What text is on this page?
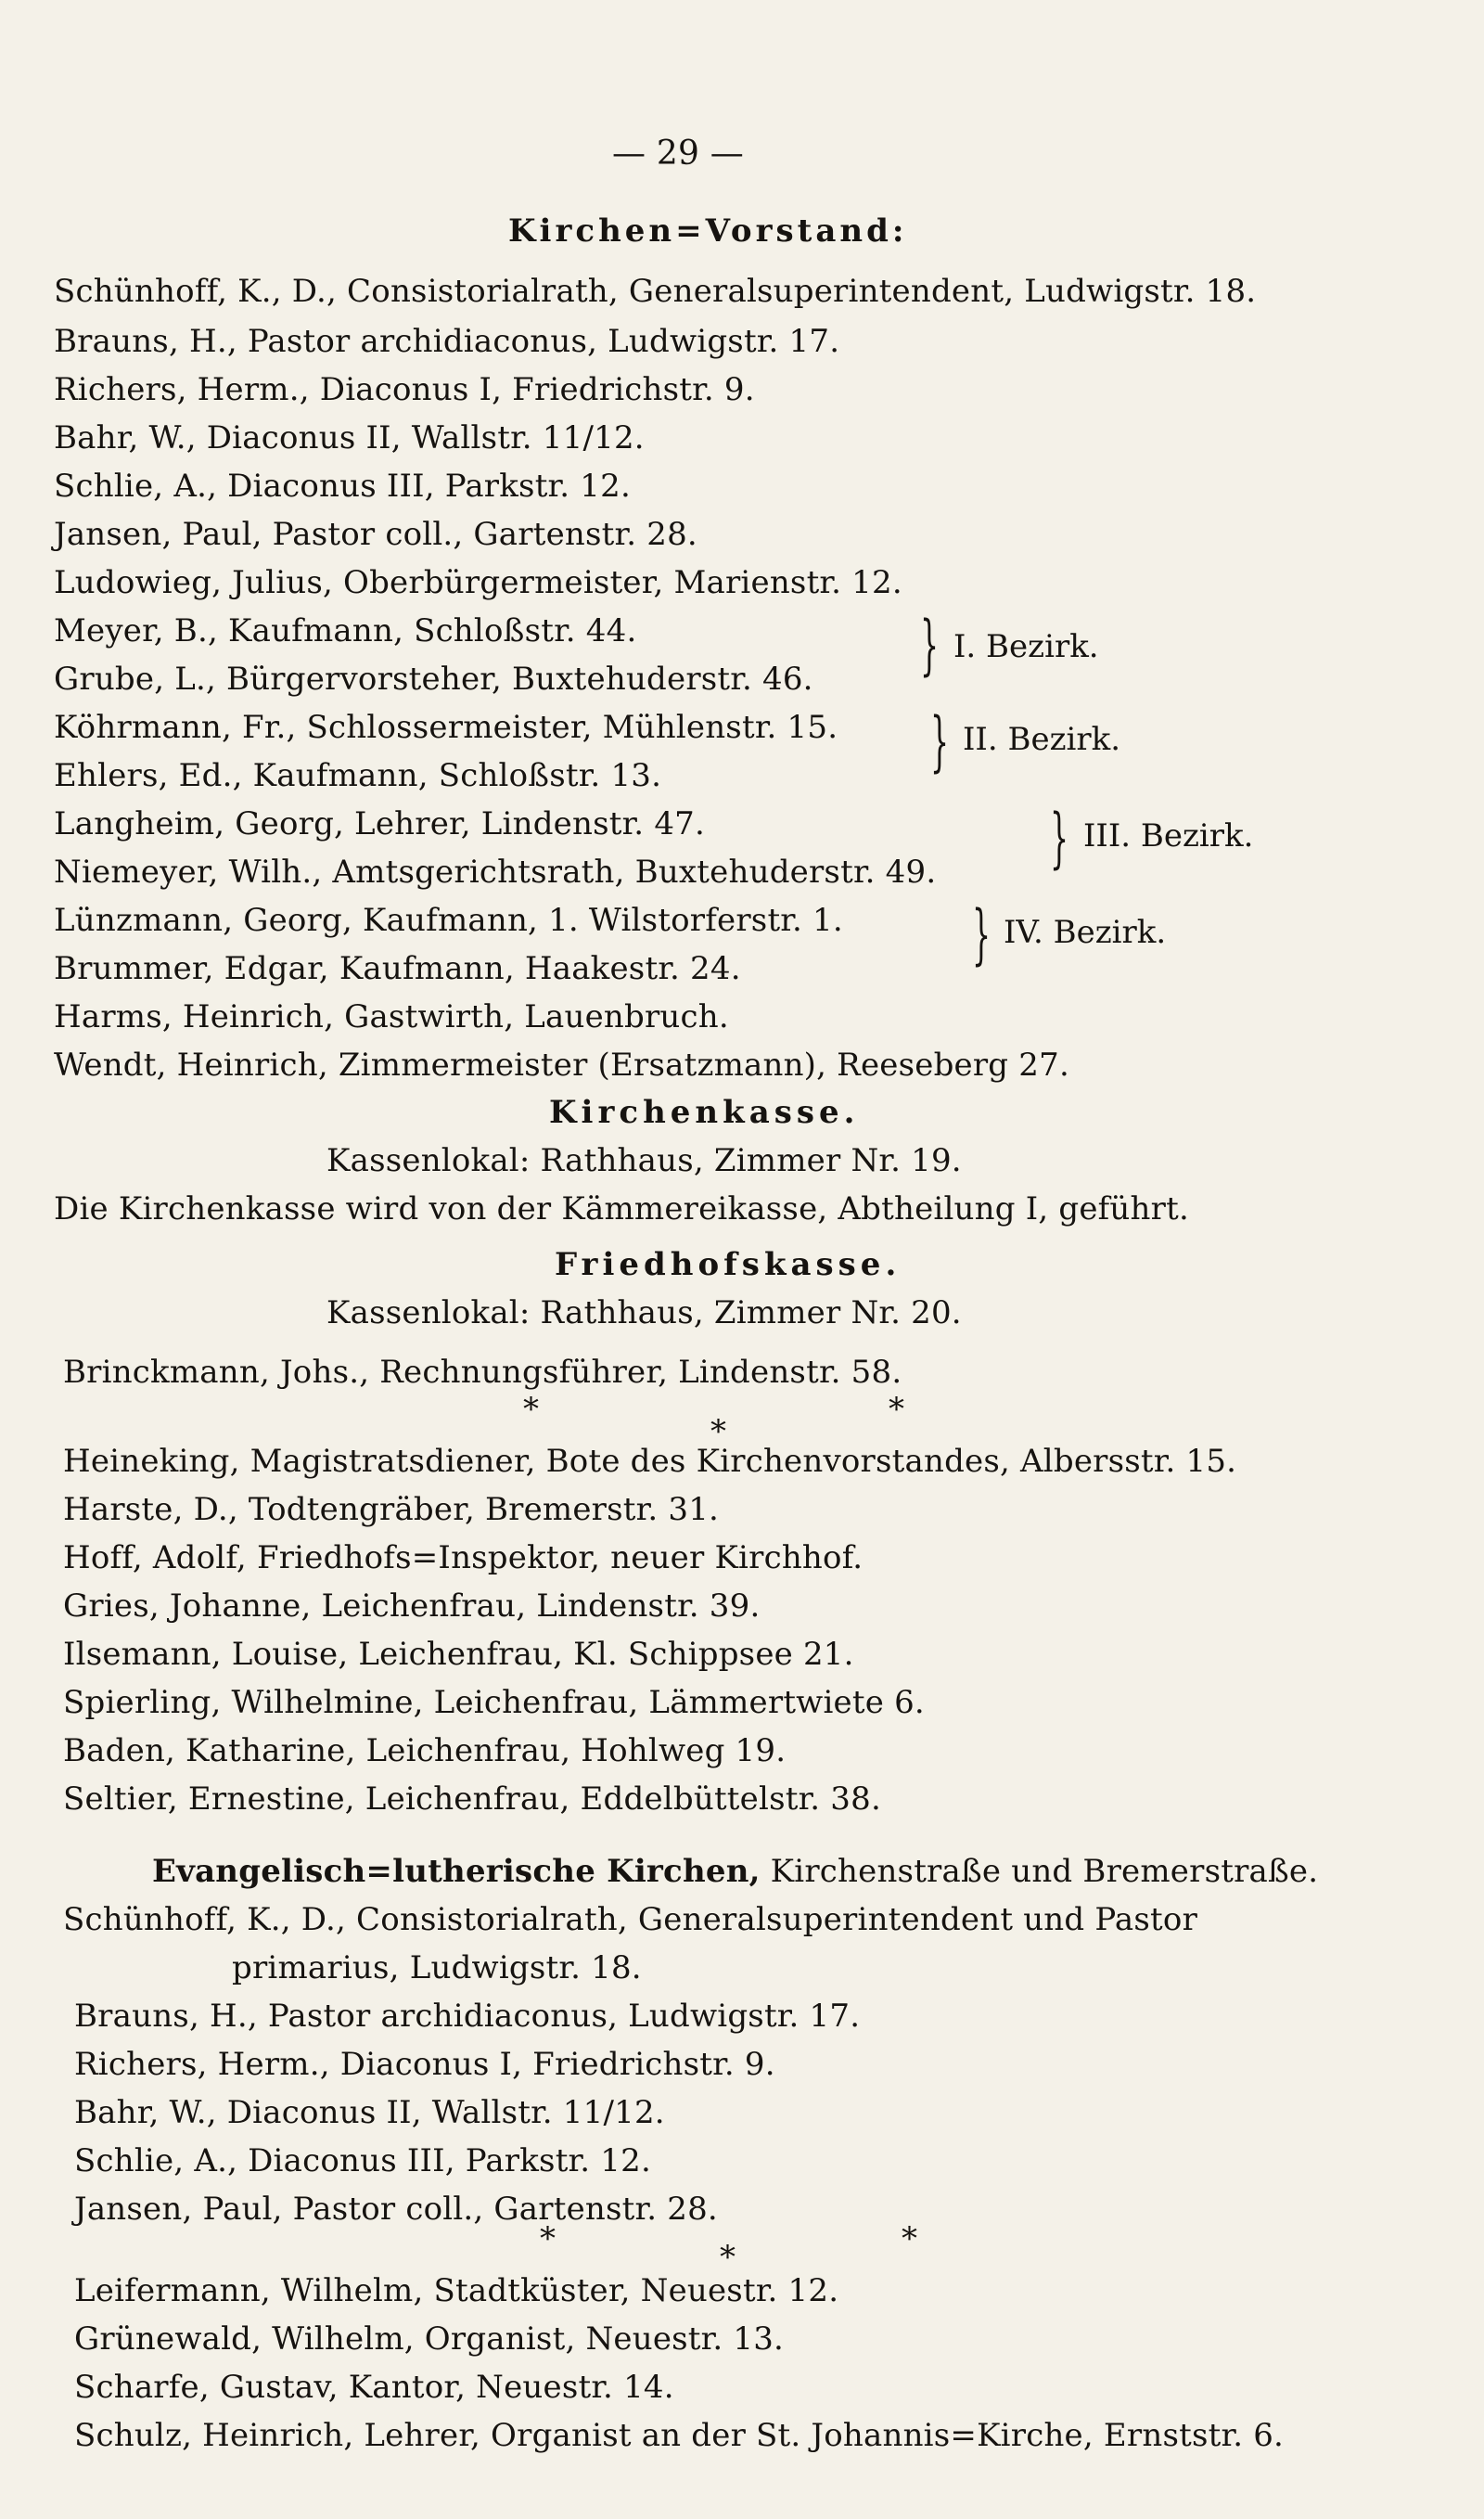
— 29 —
Kirchen=Vorstand:
Schünhoff, K., D., Consistorialrath, Generalsuperintendent, Ludwigstr. 18.
Brauns, H., Pastor archidiaconus, Ludwigstr. 17.
Richers, Herm., Diaconus I, Friedrichstr. 9.
Bahr, W., Diaconus II, Wallstr. 11/12.
Schlie, A., Diaconus III, Parkstr. 12.
Jansen, Paul, Pastor coll., Gartenstr. 28.
Ludowieg, Julius, Oberbürgermeister, Marienstr. 12.
Meyer, B., Kaufmann, Schloßstr. 44.
Grube, L., Bürgervorsteher, Buxtehuderstr. 46. } I. Bezirk.
Köhrmann, Fr., Schlossermeister, Mühlenstr. 15.
Ehlers, Ed., Kaufmann, Schloßstr. 13.	} II. Bezirk.
Langheim, Georg, Lehrer, Lindenstr. 47.
Niemeyer, Wilh., Amtsgerichtsrath, Buxtehuderstr. 49. } III. Bezirk.
Lünzmann, Georg, Kaufmann, 1. Wilstorferstr. 1.
Brummer, Edgar, Kaufmann, Haakestr. 24.	} IV. Bezirk.
Harms, Heinrich, Gastwirth, Lauenbruch.
Wendt, Heinrich, Zimmermeister (Ersatzmann), Reeseberg 27.
Kirchenkasse.
Kassenlokal: Rathhaus, Zimmer Nr. 19.
Die Kirchenkasse wird von der Kämmereikasse, Abtheilung I, geführt.
Friedhofskasse.
Kassenlokal: Rathhaus, Zimmer Nr. 20.
Brinckmann, Johs., Rechnungsführer, Lindenstr. 58.
*
*
*
Heineking, Magistratsdiener, Bote des Kirchenvorstandes, Albersstr. 15.
Harste, D., Todtengräber, Bremerstr. 31.
Hoff, Adolf, Friedhofs=Inspektor, neuer Kirchhof.
Gries, Johanne, Leichenfrau, Lindenstr. 39.
Ilsemann, Louise, Leichenfrau, Kl. Schippsee 21.
Spierling, Wilhelmine, Leichenfrau, Lämmertwiete 6.
Baden, Katharine, Leichenfrau, Hohlweg 19.
Seltier, Ernestine, Leichenfrau, Eddelbüttelstr. 38.
Evangelisch=lutherische Kirchen, Kirchenstraße und Bremerstraße.
Schünhoff, K., D., Consistorialrath, Generalsuperintendent und Pastor
primarius, Ludwigstr. 18.
Brauns, H., Pastor archidiaconus, Ludwigstr. 17.
Richers, Herm., Diaconus I, Friedrichstr. 9.
Bahr, W., Diaconus II, Wallstr. 11/12.
Schlie, A., Diaconus III, Parkstr. 12.
Jansen, Paul, Pastor coll., Gartenstr. 28.
*	*	*
Leifermann, Wilhelm, Stadtküster, Neuestr. 12.
Grünewald, Wilhelm, Organist, Neuestr. 13.
Scharfe, Gustav, Kantor, Neuestr. 14.
Schulz, Heinrich, Lehrer, Organist an der St. Johannis=Kirche, Ernststr. 6.
